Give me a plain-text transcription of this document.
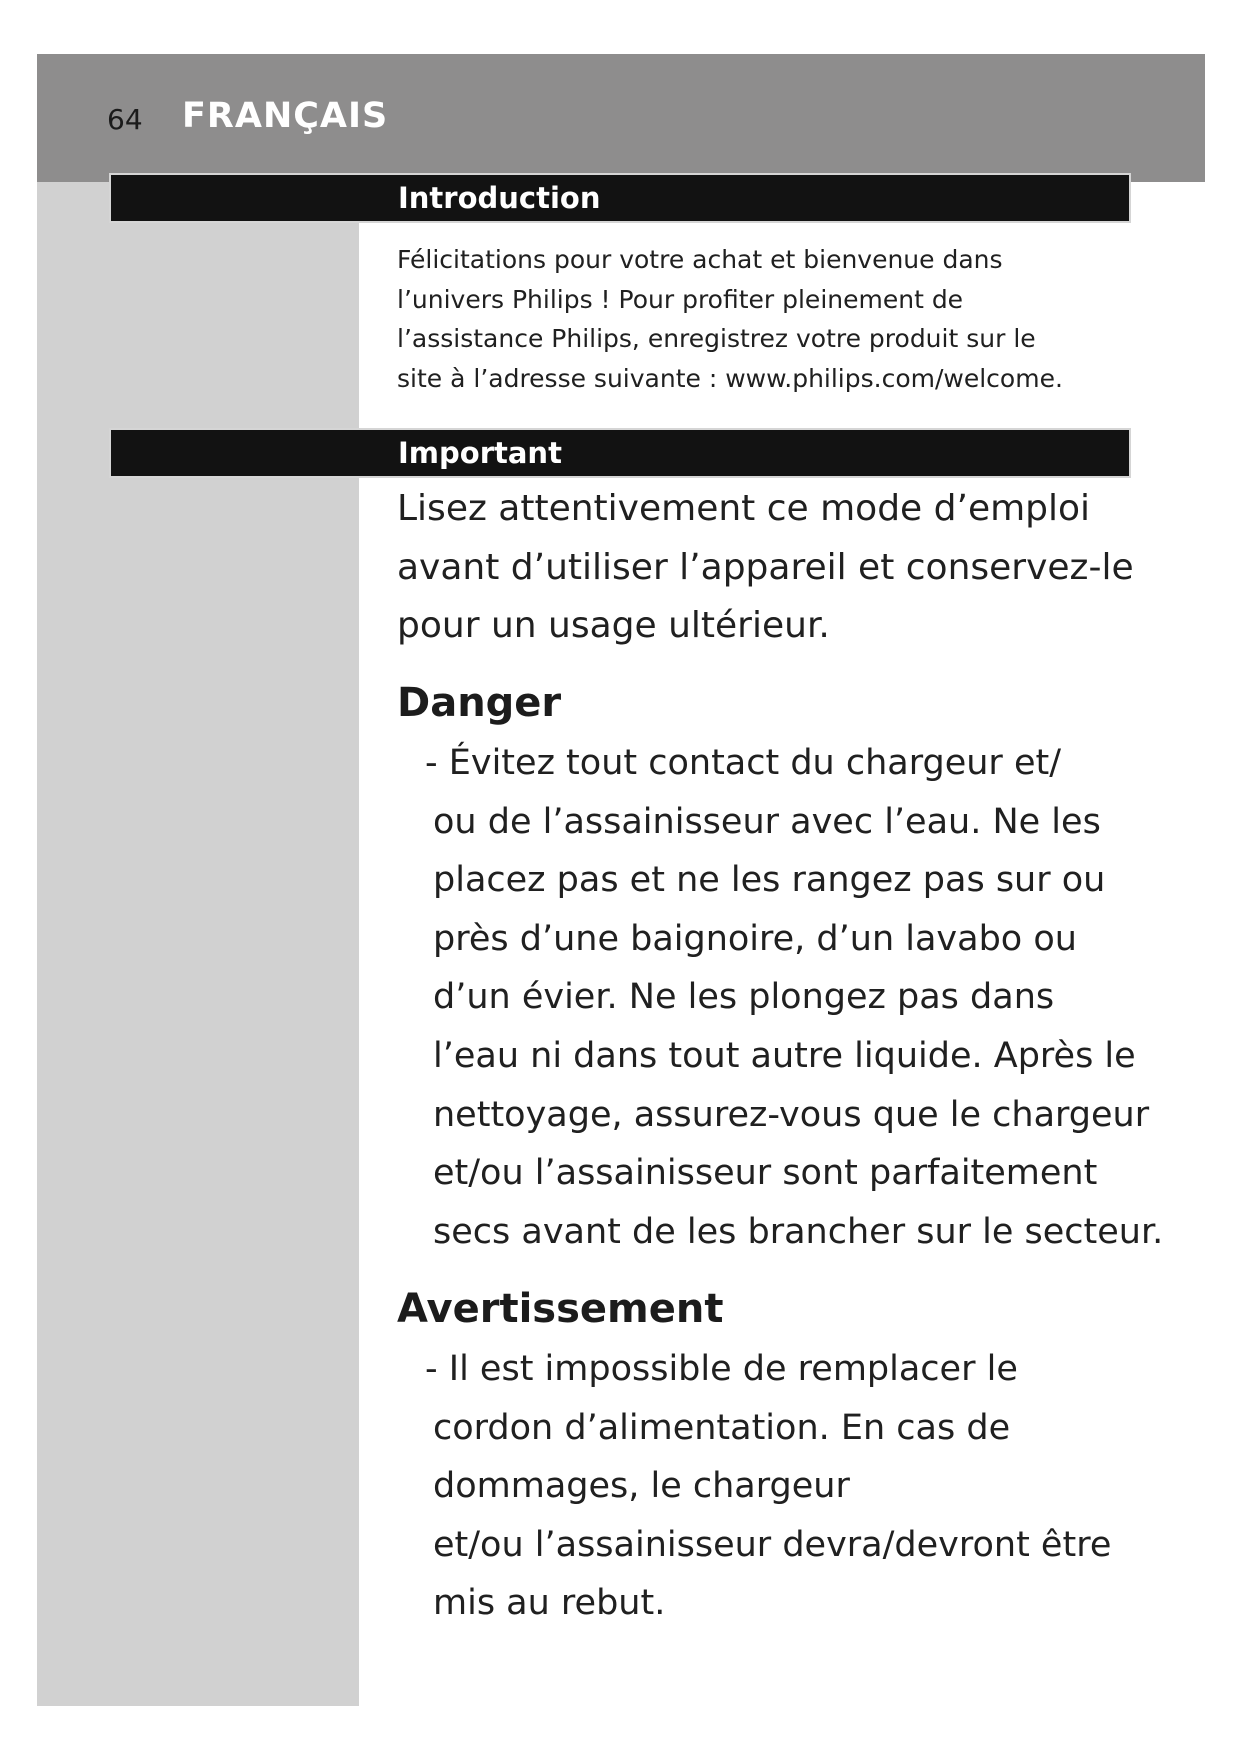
64 FRANÇAIS
Introduction
Félicitations pour votre achat et bienvenue dans
l’univers Philips ! Pour profiter pleinement de
l’assistance Philips, enregistrez votre produit sur le
site à l’adresse suivante : www.philips.com/welcome.
Important
Lisez attentivement ce mode d’emploi
avant d’utiliser l’appareil et conservez-le
pour un usage ultérieur.
Danger
- Évitez tout contact du chargeur et/
ou de l’assainisseur avec l’eau. Ne les
placez pas et ne les rangez pas sur ou
près d’une baignoire, d’un lavabo ou
d’un évier. Ne les plongez pas dans
l’eau ni dans tout autre liquide. Après le
nettoyage, assurez-vous que le chargeur
et/ou l’assainisseur sont parfaitement
secs avant de les brancher sur le secteur.
Avertissement
- Il est impossible de remplacer le
cordon d’alimentation. En cas de
dommages, le chargeur
et/ou l’assainisseur devra/devront être
mis au rebut.
